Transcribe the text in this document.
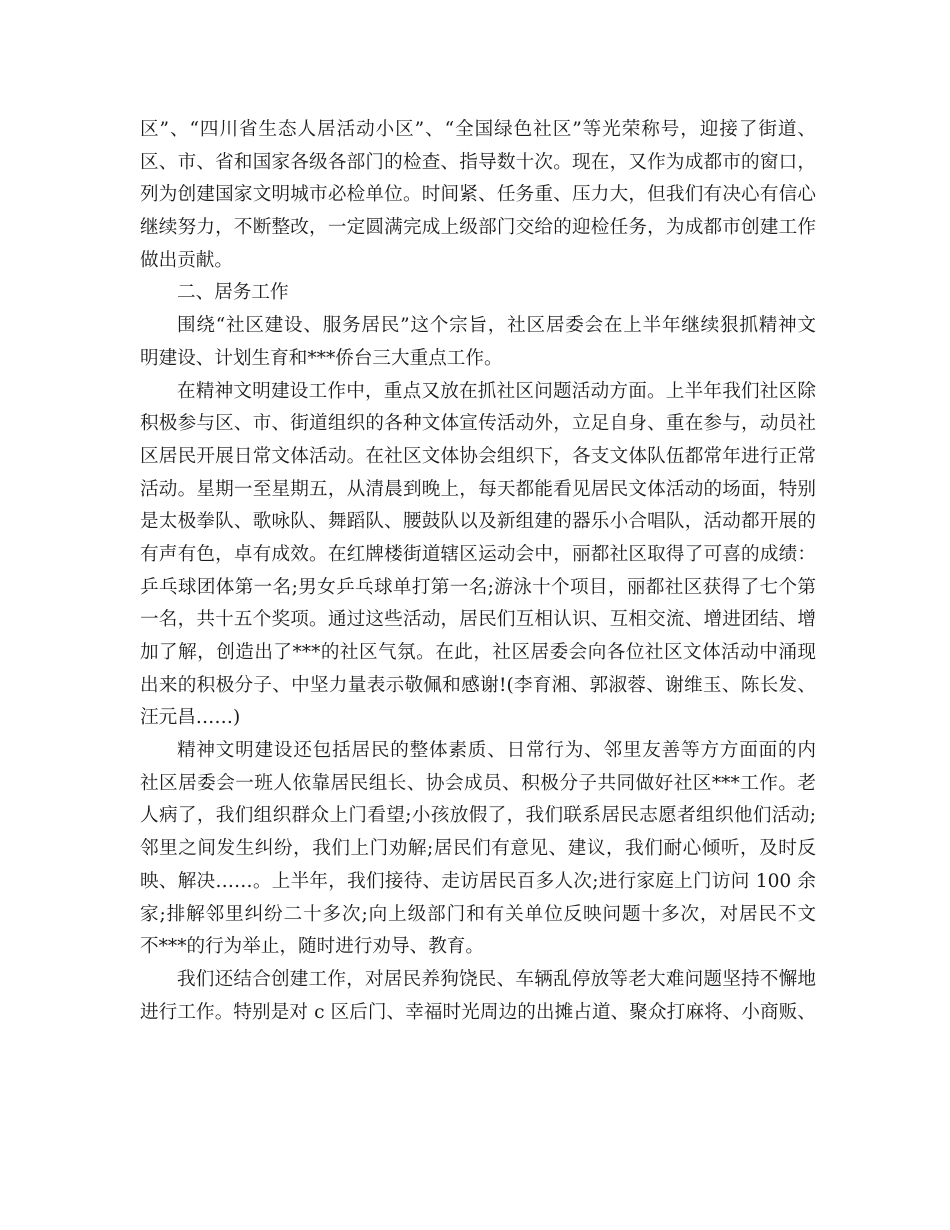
区”、“四川省生态人居活动小区”、“全国绿色社区”等光荣称号，迎接了街道、
区、市、省和国家各级各部门的检查、指导数十次。现在，又作为成都市的窗口，
列为创建国家文明城市必检单位。时间紧、任务重、压力大，但我们有决心有信心
继续努力，不断整改，一定圆满完成上级部门交给的迎检任务，为成都市创建工作
做出贡献。
二、居务工作
围绕“社区建设、服务居民”这个宗旨，社区居委会在上半年继续狠抓精神文
明建设、计划生育和***侨台三大重点工作。
在精神文明建设工作中，重点又放在抓社区问题活动方面。上半年我们社区除
积极参与区、市、街道组织的各种文体宣传活动外，立足自身、重在参与，动员社
区居民开展日常文体活动。在社区文体协会组织下，各支文体队伍都常年进行正常
活动。星期一至星期五，从清晨到晚上，每天都能看见居民文体活动的场面，特别
是太极拳队、歌咏队、舞蹈队、腰鼓队以及新组建的器乐小合唱队，活动都开展的
有声有色，卓有成效。在红牌楼街道辖区运动会中，丽都社区取得了可喜的成绩：
乒乓球团体第一名;男女乒乓球单打第一名;游泳十个项目，丽都社区获得了七个第
一名，共十五个奖项。通过这些活动，居民们互相认识、互相交流、增进团结、增
加了解，创造出了***的社区气氛。在此，社区居委会向各位社区文体活动中涌现
出来的积极分子、中坚力量表示敬佩和感谢!(李育湘、郭淑蓉、谢维玉、陈长发、
汪元昌……)
精神文明建设还包括居民的整体素质、日常行为、邻里友善等方方面面的内
社区居委会一班人依靠居民组长、协会成员、积极分子共同做好社区***工作。老
人病了，我们组织群众上门看望;小孩放假了，我们联系居民志愿者组织他们活动;
邻里之间发生纠纷，我们上门劝解;居民们有意见、建议，我们耐心倾听，及时反
映、解决……。上半年，我们接待、走访居民百多人次;进行家庭上门访问 100 余
家;排解邻里纠纷二十多次;向上级部门和有关单位反映问题十多次，对居民不文
不***的行为举止，随时进行劝导、教育。
我们还结合创建工作，对居民养狗饶民、车辆乱停放等老大难问题坚持不懈地
进行工作。特别是对 c 区后门、幸福时光周边的出摊占道、聚众打麻将、小商贩、
